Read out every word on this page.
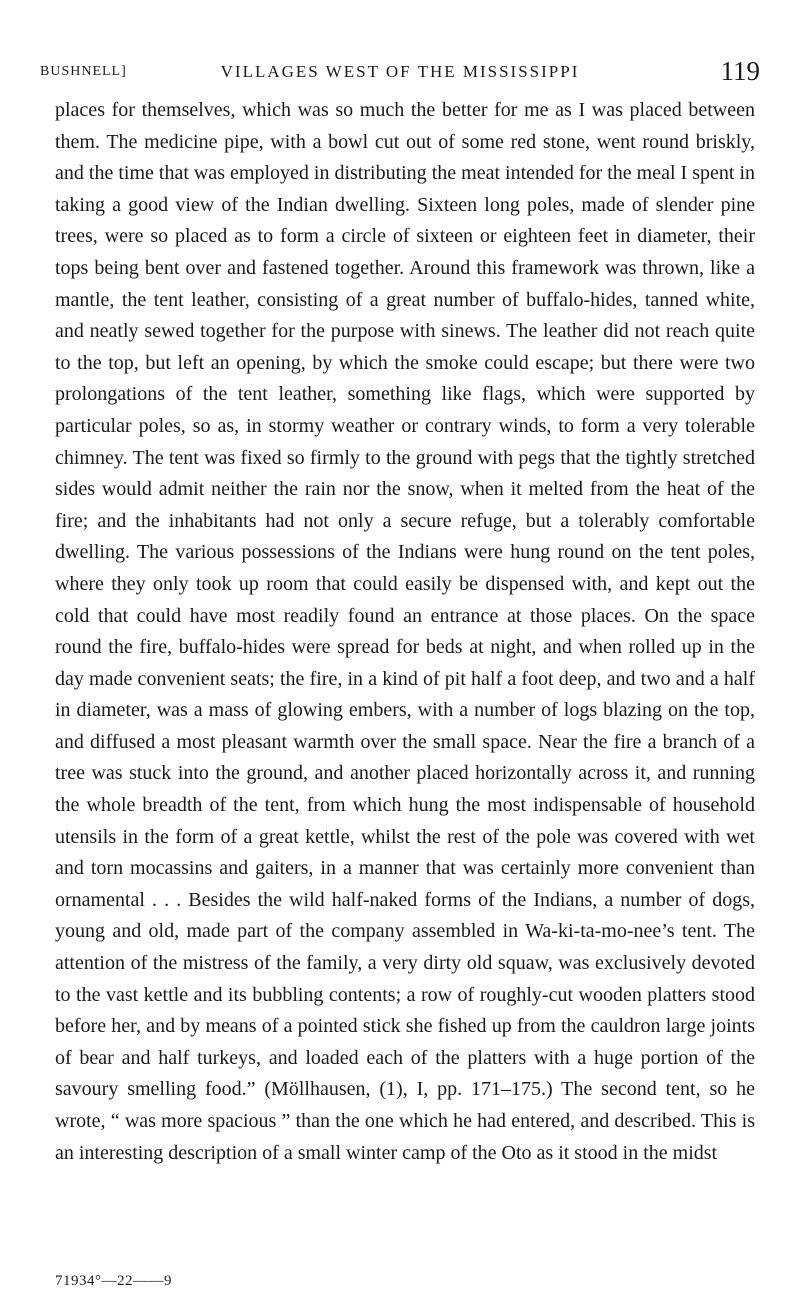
BUSHNELL]	VILLAGES WEST OF THE MISSISSIPPI	119

places for themselves, which was so much the better for me as I was placed between them. The medicine pipe, with a bowl cut out of some red stone, went round briskly, and the time that was employed in distributing the meat intended for the meal I spent in taking a good view of the Indian dwelling. Sixteen long poles, made of slender pine trees, were so placed as to form a circle of sixteen or eighteen feet in diameter, their tops being bent over and fastened together. Around this framework was thrown, like a mantle, the tent leather, consisting of a great number of buffalo-hides, tanned white, and neatly sewed together for the purpose with sinews. The leather did not reach quite to the top, but left an opening, by which the smoke could escape; but there were two prolongations of the tent leather, something like flags, which were supported by particular poles, so as, in stormy weather or contrary winds, to form a very tolerable chimney. The tent was fixed so firmly to the ground with pegs that the tightly stretched sides would admit neither the rain nor the snow, when it melted from the heat of the fire; and the inhabitants had not only a secure refuge, but a tolerably comfortable dwelling. The various possessions of the Indians were hung round on the tent poles, where they only took up room that could easily be dispensed with, and kept out the cold that could have most readily found an entrance at those places. On the space round the fire, buffalo-hides were spread for beds at night, and when rolled up in the day made convenient seats; the fire, in a kind of pit half a foot deep, and two and a half in diameter, was a mass of glowing embers, with a number of logs blazing on the top, and diffused a most pleasant warmth over the small space. Near the fire a branch of a tree was stuck into the ground, and another placed horizontally across it, and running the whole breadth of the tent, from which hung the most indispensable of household utensils in the form of a great kettle, whilst the rest of the pole was covered with wet and torn mocassins and gaiters, in a manner that was certainly more convenient than ornamental . . . Besides the wild half-naked forms of the Indians, a number of dogs, young and old, made part of the company assembled in Wa-ki-ta-mo-nee’s tent. The attention of the mistress of the family, a very dirty old squaw, was exclusively devoted to the vast kettle and its bubbling contents; a row of roughly-cut wooden platters stood before her, and by means of a pointed stick she fished up from the cauldron large joints of bear and half turkeys, and loaded each of the platters with a huge portion of the savoury smelling food.” (Möllhausen, (1), I, pp. 171–175.) The second tent, so he wrote, “ was more spacious ” than the one which he had entered, and described. This is an interesting description of a small winter camp of the Oto as it stood in the midst

71934°—22——9
